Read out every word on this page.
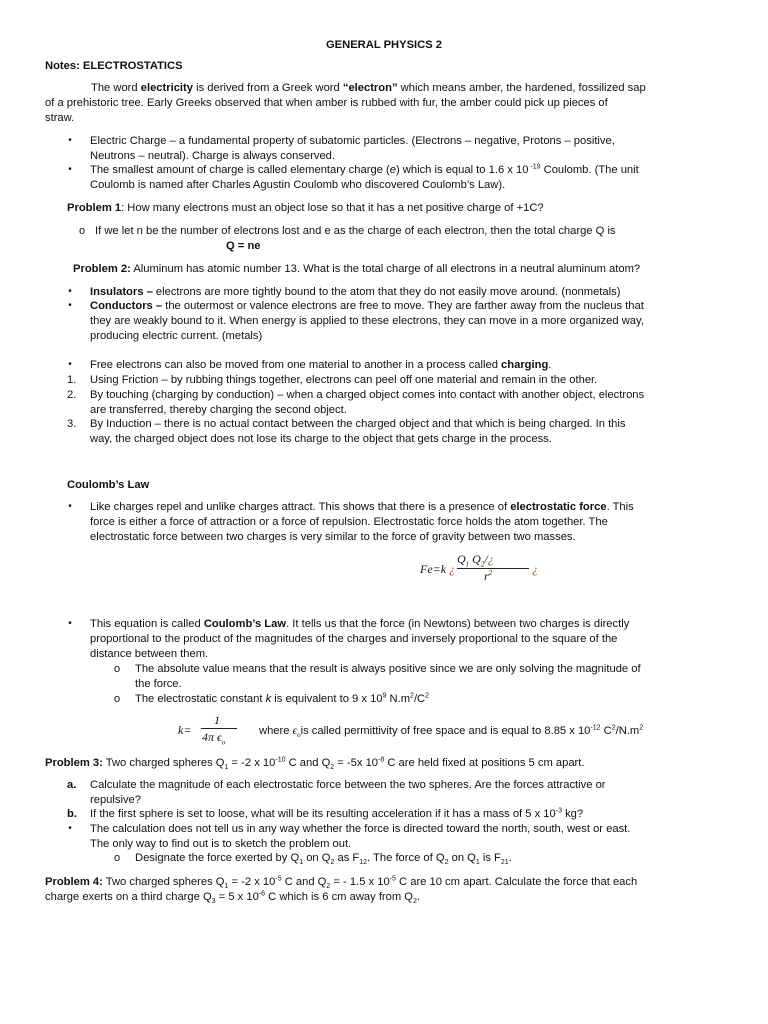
GENERAL PHYSICS 2
Notes: ELECTROSTATICS
The word electricity is derived from a Greek word “electron” which means amber, the hardened, fossilized sap
of a prehistoric tree. Early Greeks observed that when amber is rubbed with fur, the amber could pick up pieces of
straw.
• Electric Charge – a fundamental property of subatomic particles. (Electrons – negative, Protons – positive,
Neutrons – neutral). Charge is always conserved.
• The smallest amount of charge is called elementary charge (e) which is equal to 1.6 x 10 $^{-19}$ Coulomb. (The unit
Coulomb is named after Charles Agustin Coulomb who discovered Coulomb’s Law).
Problem 1: How many electrons must an object lose so that it has a net positive charge of +1C?
o If we let n be the number of electrons lost and e as the charge of each electron, then the total charge Q is
Q = ne
Problem 2: Aluminum has atomic number 13. What is the total charge of all electrons in a neutral aluminum atom?
• Insulators – electrons are more tightly bound to the atom that they do not easily move around. (nonmetals)
• Conductors – the outermost or valence electrons are free to move. They are farther away from the nucleus that
they are weakly bound to it. When energy is applied to these electrons, they can move in a more organized way,
producing electric current. (metals)
• Free electrons can also be moved from one material to another in a process called charging.
1. Using Friction – by rubbing things together, electrons can peel off one material and remain in the other.
2. By touching (charging by conduction) – when a charged object comes into contact with another object, electrons
are transferred, thereby charging the second object.
3. By Induction – there is no actual contact between the charged object and that which is being charged. In this
way, the charged object does not lose its charge to the object that gets charge in the process.
Coulomb’s Law
• Like charges repel and unlike charges attract. This shows that there is a presence of electrostatic force. This
force is either a force of attraction or a force of repulsion. Electrostatic force holds the atom together. The
electrostatic force between two charges is very similar to the force of gravity between two masses.
Fe=k ¿
$Q_1$ $Q_2/¿$
$r^2$	¿
• This equation is called Coulomb’s Law. It tells us that the force (in Newtons) between two charges is directly
proportional to the product of the magnitudes of the charges and inversely proportional to the square of the
distance between them.
o The absolute value means that the result is always positive since we are only solving the magnitude of
the force.
o The electrostatic constant k is equivalent to 9 x $10^9$ $N.m^2/C^2$
k=
1
4π $\epsilon_o$
where $\epsilon_ois$ called permittivity of free space and is equal to 8.85 x $10^{-12}$ $C^2/N.m^2$
Problem 3: Two charged spheres $Q_1 = -2$ x $10^{-10}$ C and $Q_2 = -5x$ $10^{-8}$ C are held fixed at positions 5 cm apart.
a. Calculate the magnitude of each electrostatic force between the two spheres. Are the forces attractive or
repulsive?
b. If the first sphere is set to loose, what will be its resulting acceleration if it has a mass of 5 x $10^{-3}$ kg?
• The calculation does not tell us in any way whether the force is directed toward the north, south, west or east.
The only way to find out is to sketch the problem out.
o Designate the force exerted by $Q_1$ on $Q_2$ as $F_{12}$. The force of $Q_2$ on $Q_1$ is $F_{21}$.
Problem 4: Two charged spheres $Q_1 = -2$ x $10^{-5}$ C and $Q_2$ = - 1.5 x $10^{-5}$ C are 10 cm apart. Calculate the force that each
charge exerts on a third charge $Q_3 = 5$ x $10^{-6}$ C which is 6 cm away from $Q_2$.
